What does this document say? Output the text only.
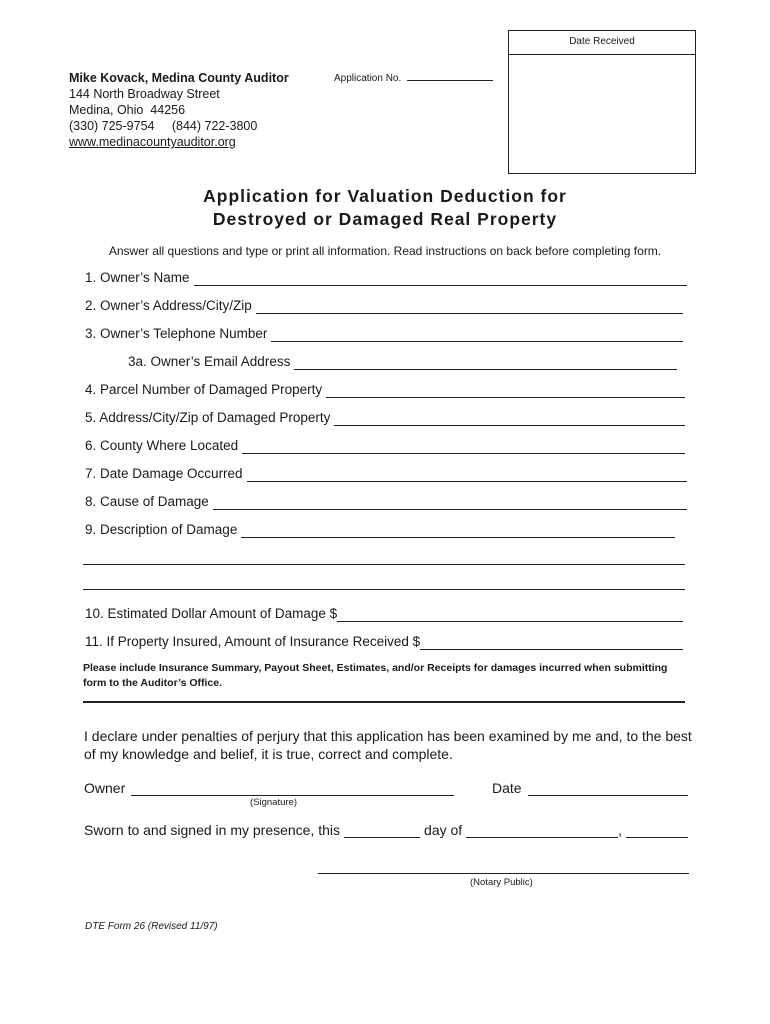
Date Received
Mike Kovack, Medina County Auditor
144 North Broadway Street
Medina, Ohio  44256
(330) 725-9754     (844) 722-3800
www.medinacountyauditor.org
Application No.
Application for Valuation Deduction for
Destroyed or Damaged Real Property
Answer all questions and type or print all information. Read instructions on back before completing form.
1. Owner’s Name
2. Owner’s Address/City/Zip
3. Owner’s Telephone Number
3a. Owner’s Email Address
4. Parcel Number of Damaged Property
5. Address/City/Zip of Damaged Property
6. County Where Located
7. Date Damage Occurred
8. Cause of Damage
9. Description of Damage
10. Estimated Dollar Amount of Damage $
11. If Property Insured, Amount of Insurance Received $
Please include Insurance Summary, Payout Sheet, Estimates, and/or Receipts for damages incurred when submitting form to the Auditor’s Office.
I declare under penalties of perjury that this application has been examined by me and, to the best of my knowledge and belief, it is true, correct and complete.
Owner
(Signature)
Date
Sworn to and signed in my presence, this	day of	,
(Notary Public)
DTE Form 26 (Revised 11/97)
